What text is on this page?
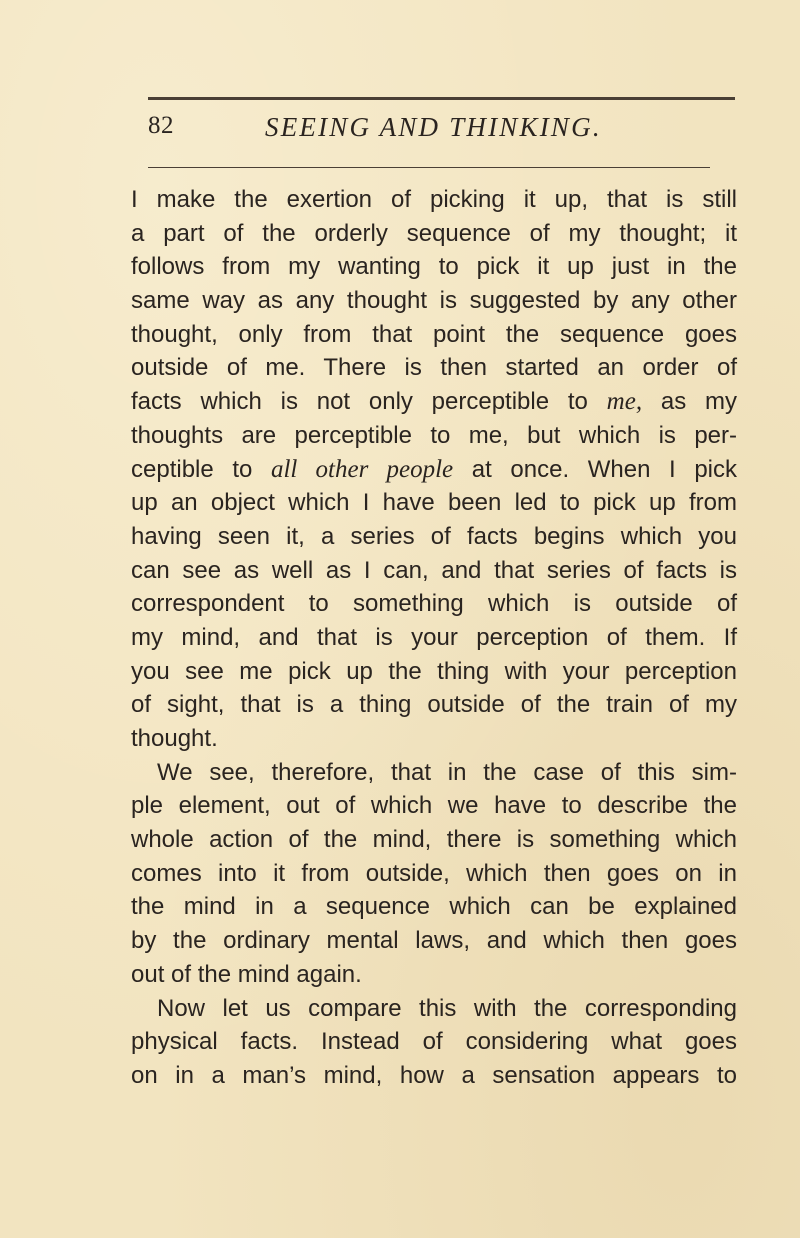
82	SEEING AND THINKING.
I make the exertion of picking it up, that is still
a part of the orderly sequence of my thought; it
follows from my wanting to pick it up just in the
same way as any thought is suggested by any other
thought, only from that point the sequence goes
outside of me. There is then started an order of
facts which is not only perceptible to me, as my
thoughts are perceptible to me, but which is per-
ceptible to all other people at once. When I pick
up an object which I have been led to pick up from
having seen it, a series of facts begins which you
can see as well as I can, and that series of facts is
correspondent to something which is outside of
my mind, and that is your perception of them. If
you see me pick up the thing with your perception
of sight, that is a thing outside of the train of my
thought.
We see, therefore, that in the case of this sim-
ple element, out of which we have to describe the
whole action of the mind, there is something which
comes into it from outside, which then goes on in
the mind in a sequence which can be explained
by the ordinary mental laws, and which then goes
out of the mind again.
Now let us compare this with the corresponding
physical facts. Instead of considering what goes
on in a man’s mind, how a sensation appears to
